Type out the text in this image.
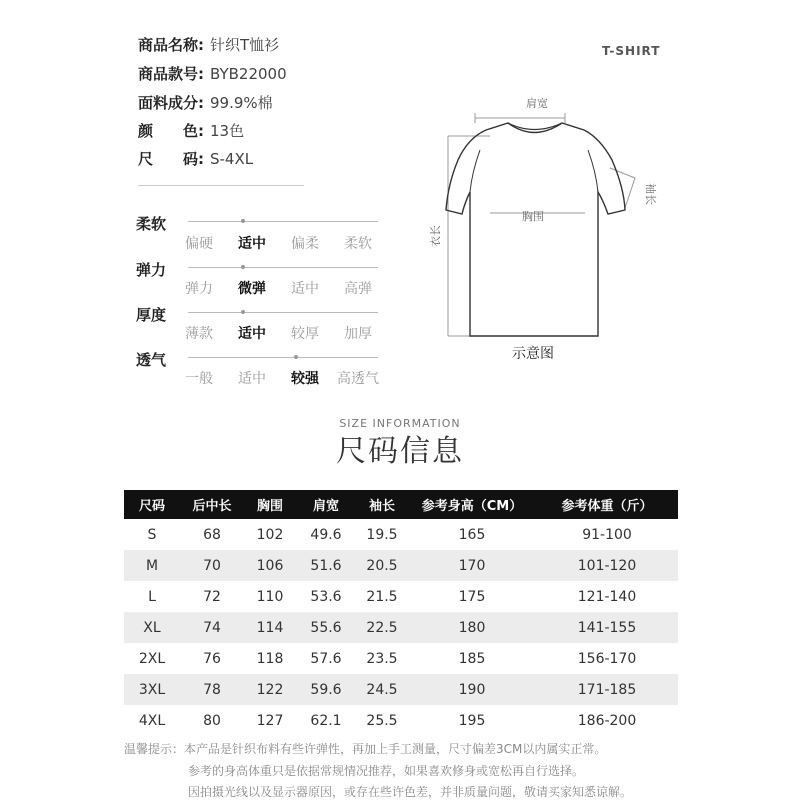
商品名称: 针织T恤衫
商品款号: BYB22000
面料成分: 99.9%棉
颜　　色: 13色
尺　　码: S-4XL
柔软
偏硬	适中	偏柔	柔软
弹力
弹力	微弹	适中	高弹
厚度
薄款	适中	较厚	加厚
透气
一般	适中	较强	高透气
T-SHIRT
肩宽
胸围
衣长
袖长
示意图
SIZE INFORMATION
尺码信息
尺码	后中长	胸围	肩宽	袖长	参考身高（CM）	参考体重（斤）
S	68	102	49.6	19.5	165	91-100
M	70	106	51.6	20.5	170	101-120
L	72	110	53.6	21.5	175	121-140
XL	74	114	55.6	22.5	180	141-155
2XL	76	118	57.6	23.5	185	156-170
3XL	78	122	59.6	24.5	190	171-185
4XL	80	127	62.1	25.5	195	186-200
温馨提示：本产品是针织布料有些许弹性，再加上手工测量，尺寸偏差3CM以内属实正常。
参考的身高体重只是依据常规情况推荐，如果喜欢修身或宽松再自行选择。
因拍摄光线以及显示器原因，或存在些许色差，并非质量问题，敬请买家知悉谅解。
